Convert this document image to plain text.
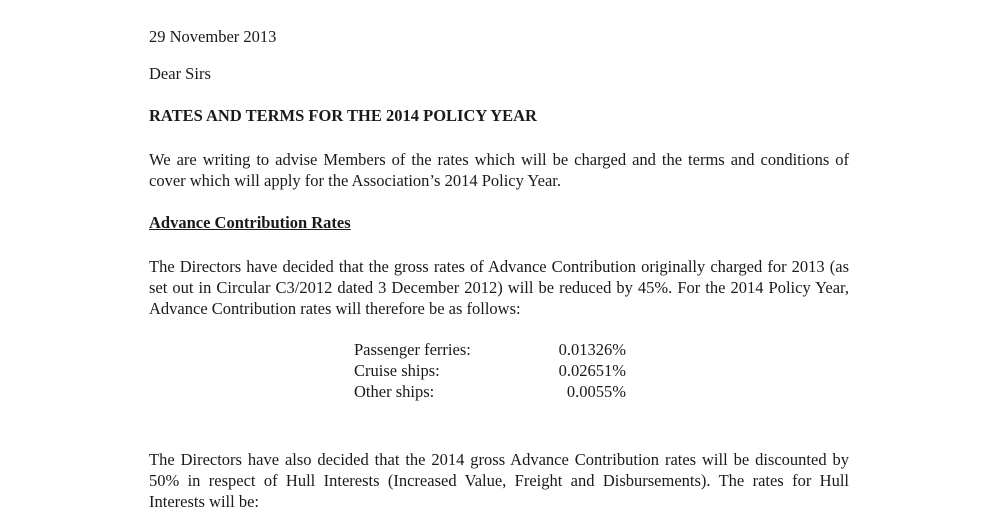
29 November 2013

Dear Sirs

RATES AND TERMS FOR THE 2014 POLICY YEAR

We are writing to advise Members of the rates which will be charged and the terms and conditions of cover which will apply for the Association’s 2014 Policy Year.

Advance Contribution Rates

The Directors have decided that the gross rates of Advance Contribution originally charged for 2013 (as set out in Circular C3/2012 dated 3 December 2012) will be reduced by 45%. For the 2014 Policy Year, Advance Contribution rates will therefore be as follows:

Passenger ferries:	0.01326%
Cruise ships:	0.02651%
Other ships:	0.0055%

The Directors have also decided that the 2014 gross Advance Contribution rates will be discounted by 50% in respect of Hull Interests (Increased Value, Freight and Disbursements). The rates for Hull Interests will be:
